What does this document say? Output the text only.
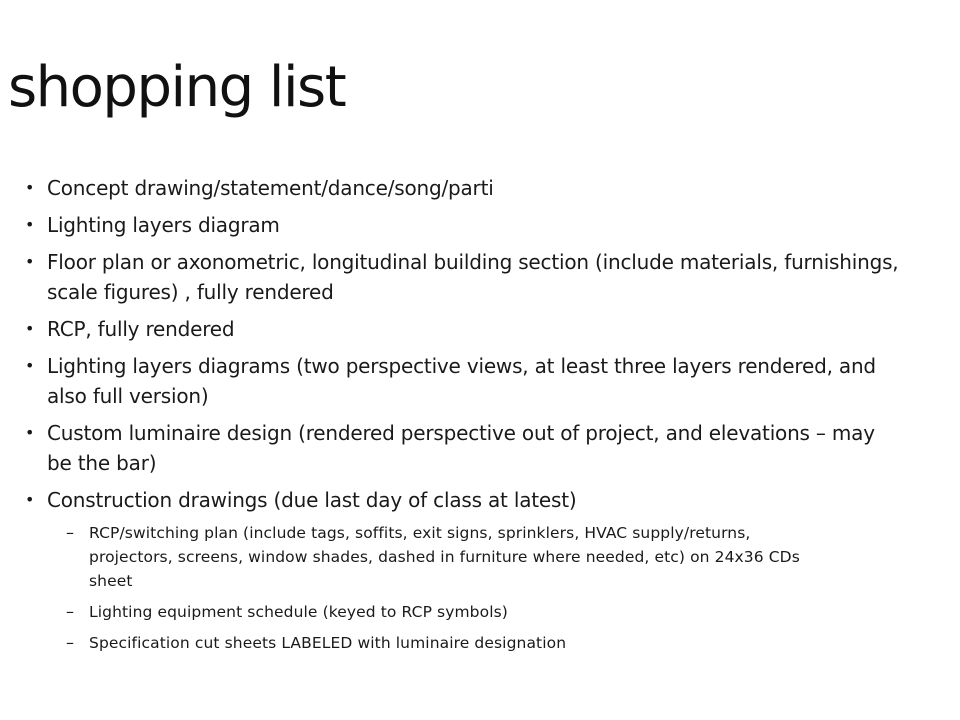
shopping list
• Concept drawing/statement/dance/song/parti
• Lighting layers diagram
• Floor plan or axonometric, longitudinal building section (include materials, furnishings, scale figures) , fully rendered
• RCP, fully rendered
• Lighting layers diagrams (two perspective views, at least three layers rendered, and also full version)
• Custom luminaire design (rendered perspective out of project, and elevations – may be the bar)
• Construction drawings (due last day of class at latest)
– RCP/switching plan (include tags, soffits, exit signs, sprinklers, HVAC supply/returns, projectors, screens, window shades, dashed in furniture where needed, etc) on 24x36 CDs sheet
– Lighting equipment schedule (keyed to RCP symbols)
– Specification cut sheets LABELED with luminaire designation
